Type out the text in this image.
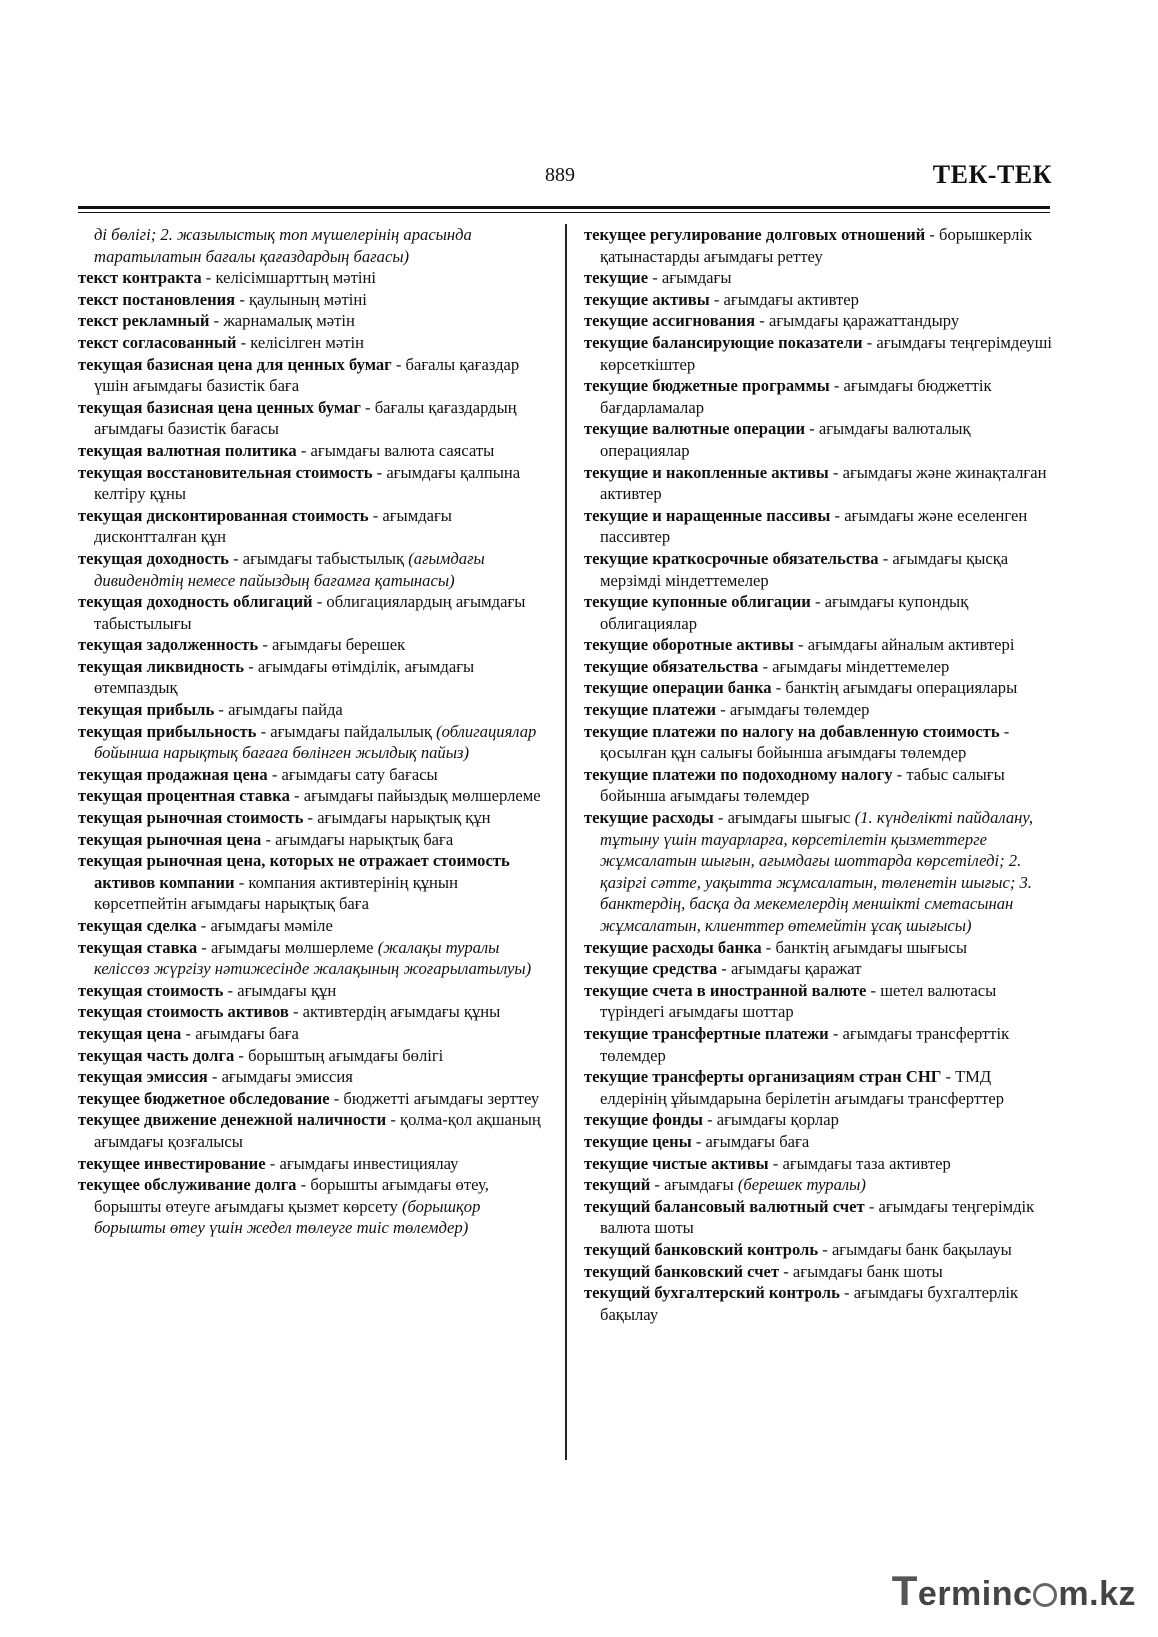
889	ТЕК-ТЕК
ді бөлігі; 2. жазылыстық топ мүшелерінің арасында таратылатын бағалы қағаздардың бағасы)
текст контракта - келісімшарттың мәтіні
текст постановления - қаулының мәтіні
текст рекламный - жарнамалық мәтін
текст согласованный - келісілген мәтін
текущая базисная цена для ценных бумаг - бағалы қағаздар үшін ағымдағы базистік баға
текущая базисная цена ценных бумаг - бағалы қағаздардың ағымдағы базистік бағасы
текущая валютная политика - ағымдағы валюта саясаты
текущая восстановительная стоимость - ағымдағы қалпына келтіру құны
текущая дисконтированная стоимость - ағымдағы дисконтталған құн
текущая доходность - ағымдағы табыстылық (ағымдағы дивидендтің немесе пайыздың бағамға қатынасы)
текущая доходность облигаций - облигациялардың ағымдағы табыстылығы
текущая задолженность - ағымдағы берешек
текущая ликвидность - ағымдағы өтімділік, ағымдағы өтемпаздық
текущая прибыль - ағымдағы пайда
текущая прибыльность - ағымдағы пайдалылық (облигациялар бойынша нарықтық бағаға бөлінген жылдық пайыз)
текущая продажная цена - ағымдағы сату бағасы
текущая процентная ставка - ағымдағы пайыздық мөлшерлеме
текущая рыночная стоимость - ағымдағы нарықтық құн
текущая рыночная цена - ағымдағы нарықтық баға
текущая рыночная цена, которых не отражает стоимость активов компании - компания активтерінің құнын көрсетпейтін ағымдағы нарықтық баға
текущая сделка - ағымдағы мәміле
текущая ставка - ағымдағы мөлшерлеме (жалақы туралы келіссөз жүргізу нәтижесінде жалақының жоғарылатылуы)
текущая стоимость - ағымдағы құн
текущая стоимость активов - активтердің ағымдағы құны
текущая цена - ағымдағы баға
текущая часть долга - борыштың ағымдағы бөлігі
текущая эмиссия - ағымдағы эмиссия
текущее бюджетное обследование - бюджетті ағымдағы зерттеу
текущее движение денежной наличности - қолма-қол ақшаның ағымдағы қозғалысы
текущее инвестирование - ағымдағы инвестициялау
текущее обслуживание долга - борышты ағымдағы өтеу, борышты өтеуге ағымдағы қызмет көрсету (борышқор борышты өтеу үшін жедел төлеуге тиіс төлемдер)
текущее регулирование долговых отношений - борышкерлік қатынастарды ағымдағы реттеу
текущие - ағымдағы
текущие активы - ағымдағы активтер
текущие ассигнования - ағымдағы қаражаттандыру
текущие балансирующие показатели - ағымдағы теңгерімдеуші көрсеткіштер
текущие бюджетные программы - ағымдағы бюджеттік бағдарламалар
текущие валютные операции - ағымдағы валюталық операциялар
текущие и накопленные активы - ағымдағы және жинақталған активтер
текущие и наращенные пассивы - ағымдағы және еселенген пассивтер
текущие краткосрочные обязательства - ағымдағы қысқа мерзімді міндеттемелер
текущие купонные облигации - ағымдағы купондық облигациялар
текущие оборотные активы - ағымдағы айналым активтері
текущие обязательства - ағымдағы міндеттемелер
текущие операции банка - банктің ағымдағы операциялары
текущие платежи - ағымдағы төлемдер
текущие платежи по налогу на добавленную стоимость - қосылған құн салығы бойынша ағымдағы төлемдер
текущие платежи по подоходному налогу - табыс салығы бойынша ағымдағы төлемдер
текущие расходы - ағымдағы шығыс (1. күнделікті пайдалану, тұтыну үшін тауарларға, көрсетілетін қызметтерге жұмсалатын шығын, ағымдағы шоттарда көрсетіледі; 2. қазіргі сәтте, уақытта жұмсалатын, төленетін шығыс; 3. банктердің, басқа да мекемелердің меншікті сметасынан жұмсалатын, клиенттер өтемейтін ұсақ шығысы)
текущие расходы банка - банктің ағымдағы шығысы
текущие средства - ағымдағы қаражат
текущие счета в иностранной валюте - шетел валютасы түріндегі ағымдағы шоттар
текущие трансфертные платежи - ағымдағы трансферттік төлемдер
текущие трансферты организациям стран СНГ - ТМД елдерінің ұйымдарына берілетін ағымдағы трансферттер
текущие фонды - ағымдағы қорлар
текущие цены - ағымдағы баға
текущие чистые активы - ағымдағы таза активтер
текущий - ағымдағы (берешек туралы)
текущий балансовый валютный счет - ағымдағы теңгерімдік валюта шоты
текущий банковский контроль - ағымдағы банк бақылауы
текущий банковский счет - ағымдағы банк шоты
текущий бухгалтерский контроль - ағымдағы бухгалтерлік бақылау
Terminc m.kz
